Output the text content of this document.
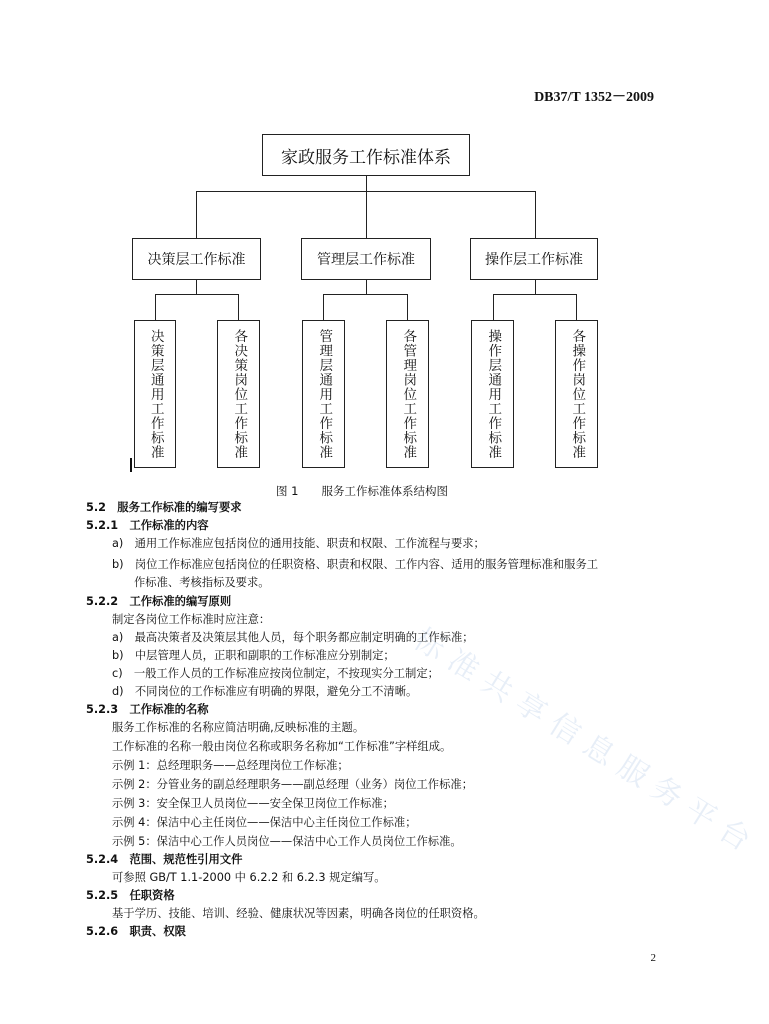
DB37/T 1352－2009
家政服务工作标准体系
决策层工作标准	管理层工作标准	操作层工作标准
决策层通用工作标准	各决策岗位工作标准	管理层通用工作标准	各管理岗位工作标准	操作层通用工作标准	各操作岗位工作标准
图 1　　服务工作标准体系结构图
标准共享信息服务平台
5.2　服务工作标准的编写要求
5.2.1　工作标准的内容
a)　通用工作标准应包括岗位的通用技能、职责和权限、工作流程与要求；
b)　岗位工作标准应包括岗位的任职资格、职责和权限、工作内容、适用的服务管理标准和服务工
作标准、考核指标及要求。
5.2.2　工作标准的编写原则
制定各岗位工作标准时应注意：
a)　最高决策者及决策层其他人员，每个职务都应制定明确的工作标准；
b)　中层管理人员，正职和副职的工作标准应分别制定；
c)　一般工作人员的工作标准应按岗位制定，不按现实分工制定；
d)　不同岗位的工作标准应有明确的界限，避免分工不清晰。
5.2.3　工作标准的名称
服务工作标准的名称应简洁明确,反映标准的主题。
工作标准的名称一般由岗位名称或职务名称加“工作标准”字样组成。
示例 1：总经理职务——总经理岗位工作标准；
示例 2：分管业务的副总经理职务——副总经理（业务）岗位工作标准；
示例 3：安全保卫人员岗位——安全保卫岗位工作标准；
示例 4：保洁中心主任岗位——保洁中心主任岗位工作标准；
示例 5：保洁中心工作人员岗位——保洁中心工作人员岗位工作标准。
5.2.4　范围、规范性引用文件
可参照 GB/T 1.1-2000 中 6.2.2 和 6.2.3 规定编写。
5.2.5　任职资格
基于学历、技能、培训、经验、健康状况等因素，明确各岗位的任职资格。
5.2.6　职责、权限
2
